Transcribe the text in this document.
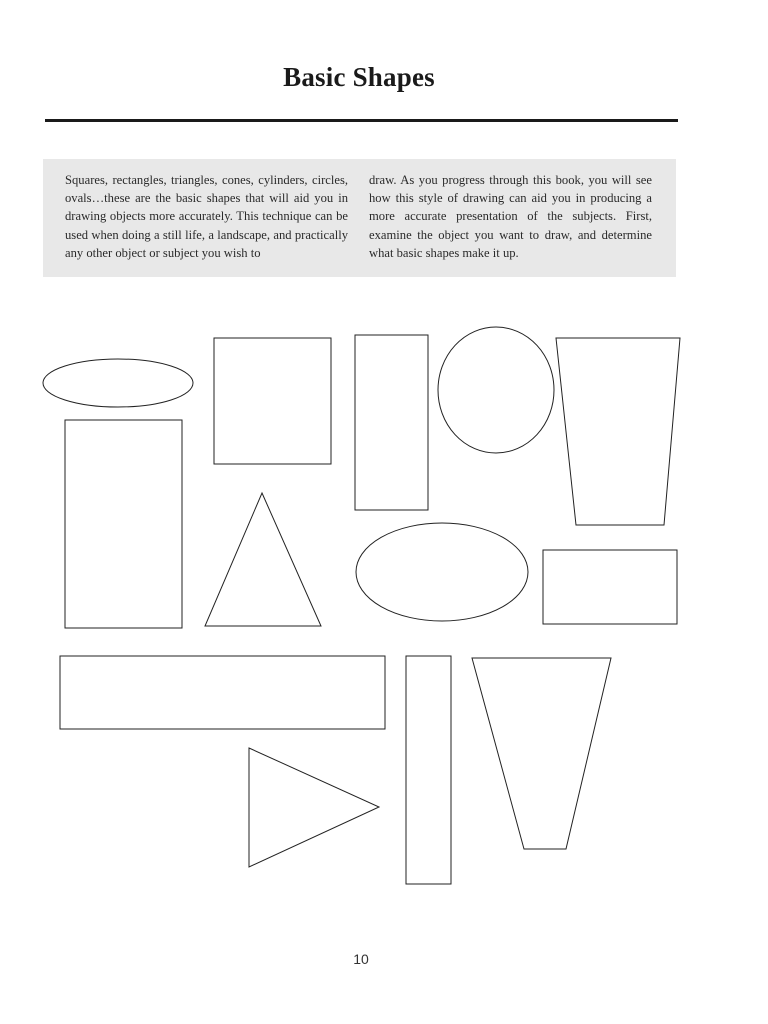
Basic Shapes
Squares, rectangles, triangles, cones, cylinders, circles, ovals…these are the basic shapes that will aid you in drawing objects more accurately. This technique can be used when doing a still life, a landscape, and practically any other object or subject you wish to
draw. As you progress through this book, you will see how this style of drawing can aid you in producing a more accurate presentation of the subjects. First, examine the object you want to draw, and determine what basic shapes make it up.
10
